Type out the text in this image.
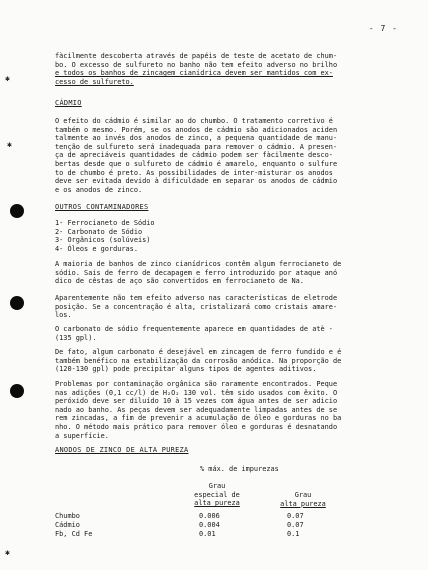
- 7 -
✱
✱
✱
fàcilmente descoberta através de papéis de teste de acetato de chum-
bo. O excesso de sulfureto no banho não tem efeito adverso no brilho
e todos os banhos de zincagem cianídrica devem ser mantidos com ex-
cesso de sulfureto.
CÁDMIO
O efeito do cádmio é similar ao do chumbo. O tratamento corretivo é
também o mesmo. Porém, se os anodos de cádmio são adicionados aciden
talmente ao invés dos anodos de zinco, a pequena quantidade de manu-
tenção de sulfureto será inadequada para remover o cádmio. A presen-
ça de apreciáveis quantidades de cádmio podem ser fàcilmente desco-
bertas desde que o sulfureto de cádmio é amarelo, enquanto o sulfure
to de chumbo é preto. As possibilidades de inter-misturar os anodos
deve ser evitada devido à dificuldade em separar os anodos de cádmio
e os anodos de zinco.
OUTROS CONTAMINADORES
1- Ferrocianeto de Sódio
2- Carbonato de Sódio
3- Orgânicos (solúveis)
4- Óleos e gorduras.
A maioria de banhos de zinco cianídricos contêm algum ferrocianeto de
sódio. Sais de ferro de decapagem e ferro introduzido por ataque anó
dico de cêstas de aço são convertidos em ferrocianeto de Na.
Aparentemente não tem efeito adverso nas características de eletrode
posição. Se a concentração é alta, cristalizará como cristais amare-
los.
O carbonato de sódio frequentemente aparece em quantidades de atè -
(135 gpl).
De fato, algum carbonato é desejável em zincagem de ferro fundido e é
também benéfico na estabilização da corrosão anódica. Na proporção de
(120-130 gpl) pode precipitar alguns tipos de agentes aditivos.
Problemas por contaminação orgânica são raramente encontrados. Peque
nas adições (0,1 cc/l) de H₂O₂ 130 vol. têm sido usados com êxito. O
peróxido deve ser diluído 10 à 15 vezes com água antes de ser adicio
nado ao banho. As peças devem ser adequadamente limpadas antes de se
rem zincadas, a fim de prevenir a acumulação de óleo e gorduras no ba
nho. O método mais prático para remover óleo e gorduras é desnatando
a superfície.
ANODOS DE ZINCO DE ALTA PUREZA
% máx. de impurezas
Grau
especial de
alta pureza
Grau
alta pureza
Chumbo	0.006	0.07
Cádmio	0.004	0.07
Fb, Cd Fe	0.01	0.1
